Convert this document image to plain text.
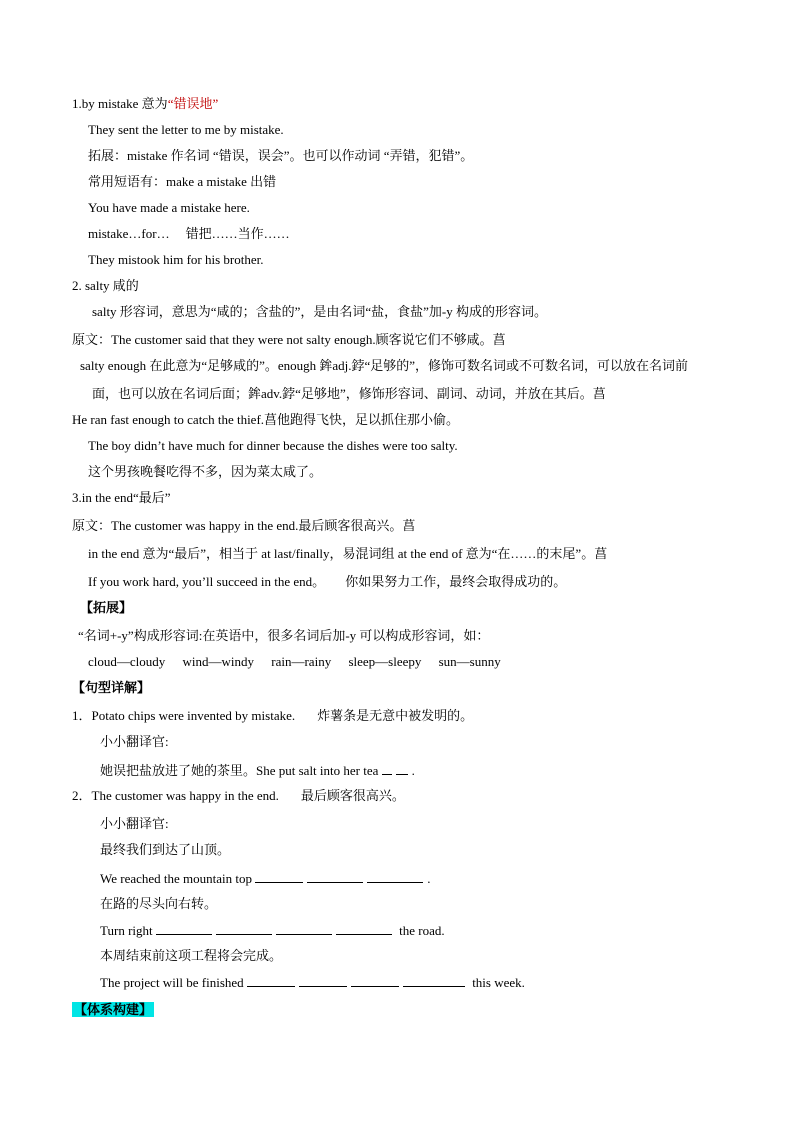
1.by mistake 意为“错误地”
They sent the letter to me by mistake.
拓展：mistake 作名词 “错误，误会”。也可以作动词 “弄错，犯错”。
常用短语有：make a mistake 出错
You have made a mistake here.
mistake…for… 错把……当作……
They mistook him for his brother.
2. salty 咸的
salty 形容词，意思为“咸的；含盐的”，是由名词“盐，食盐”加-y 构成的形容词。
原文：The customer said that they were not salty enough.顾客说它们不够咸。菖
salty enough 在此意为“足够咸的”。enough 鉾adj.鋍“足够的”，修饰可数名词或不可数名词，可以放在名词前
面，也可以放在名词后面；鉾adv.鋍“足够地”，修饰形容词、副词、动词，并放在其后。菖
He ran fast enough to catch the thief.菖他跑得飞快，足以抓住那小偷。
The boy didn’t have much for dinner because the dishes were too salty.
这个男孩晚餐吃得不多，因为菜太咸了。
3.in the end“最后”
原文：The customer was happy in the end.最后顾客很高兴。菖
in the end 意为“最后”，相当于 at last/finally，易混词组 at the end of 意为“在……的末尾”。菖
If you work hard, you’ll succeed in the end。 你如果努力工作，最终会取得成功的。
【拓展】
“名词+-y”构成形容词:在英语中，很多名词后加-y 可以构成形容词，如：
cloud—cloudy wind—windy rain—rainy sleep—sleepy sun—sunny
【句型详解】
1．Potato chips were invented by mistake. 炸薯条是无意中被发明的。
小小翻译官:
她误把盐放进了她的茶里。She put salt into her tea	.
2．The customer was happy in the end. 最后顾客很高兴。
小小翻译官:
最终我们到达了山顶。
We reached the mountain top	.
在路的尽头向右转。
Turn right	the road.
本周结束前这项工程将会完成。
The project will be finished	this week.
【体系构建】
